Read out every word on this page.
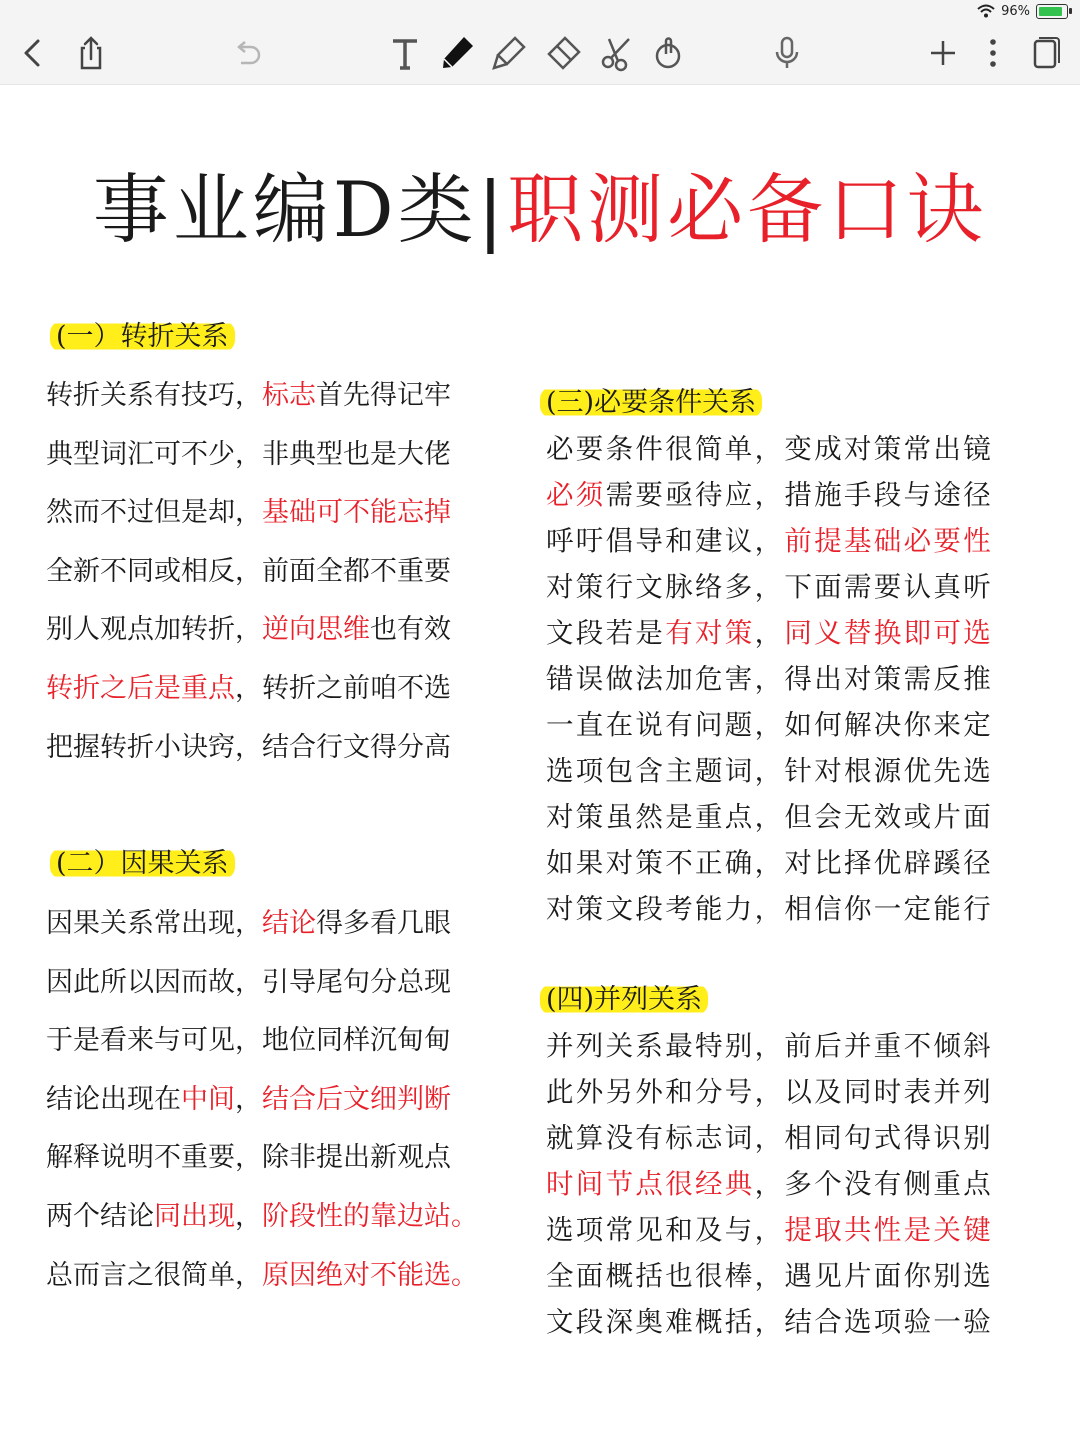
96%
事业编D类|职测必备口诀
(一）转折关系
转折关系有技巧，标志首先得记牢
典型词汇可不少，非典型也是大佬
然而不过但是却，基础可不能忘掉
全新不同或相反，前面全都不重要
别人观点加转折，逆向思维也有效
转折之后是重点，转折之前咱不选
把握转折小诀窍，结合行文得分高
(二）因果关系
因果关系常出现，结论得多看几眼
因此所以因而故，引导尾句分总现
于是看来与可见，地位同样沉甸甸
结论出现在中间，结合后文细判断
解释说明不重要，除非提出新观点
两个结论同出现，阶段性的靠边站。
总而言之很简单，原因绝对不能选。
(三)必要条件关系
必要条件很简单，变成对策常出镜
必须需要亟待应，措施手段与途径
呼吁倡导和建议，前提基础必要性
对策行文脉络多，下面需要认真听
文段若是有对策，同义替换即可选
错误做法加危害，得出对策需反推
一直在说有问题，如何解决你来定
选项包含主题词，针对根源优先选
对策虽然是重点，但会无效或片面
如果对策不正确，对比择优辟蹊径
对策文段考能力，相信你一定能行
(四)并列关系
并列关系最特别，前后并重不倾斜
此外另外和分号，以及同时表并列
就算没有标志词，相同句式得识别
时间节点很经典，多个没有侧重点
选项常见和及与，提取共性是关键
全面概括也很棒，遇见片面你别选
文段深奥难概括，结合选项验一验
